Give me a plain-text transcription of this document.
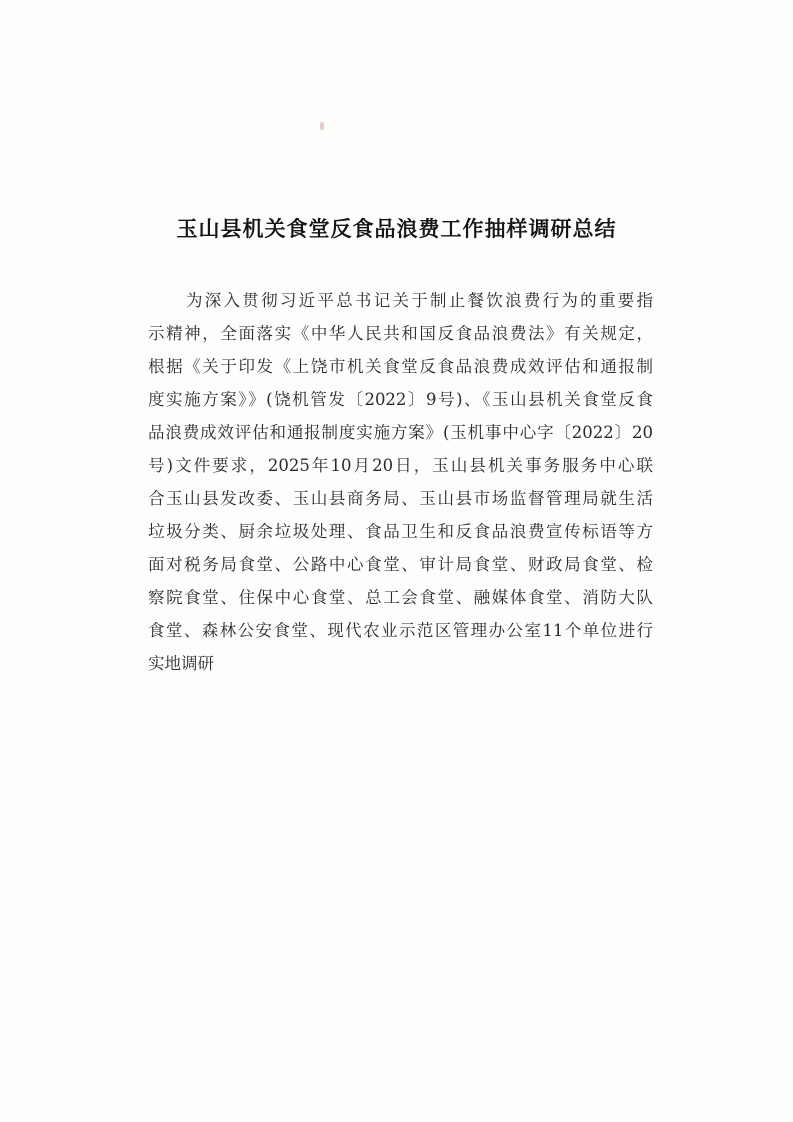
玉山县机关食堂反食品浪费工作抽样调研总结
为深入贯彻习近平总书记关于制止餐饮浪费行为的重要指
示精神，全面落实《中华人民共和国反食品浪费法》有关规定，
根据《关于印发《上饶市机关食堂反食品浪费成效评估和通报制
度实施方案》》(饶机管发〔2022〕9号)、《玉山县机关食堂反食
品浪费成效评估和通报制度实施方案》(玉机事中心字〔2022〕20
号)文件要求，2025年10月20日，玉山县机关事务服务中心联
合玉山县发改委、玉山县商务局、玉山县市场监督管理局就生活
垃圾分类、厨余垃圾处理、食品卫生和反食品浪费宣传标语等方
面对税务局食堂、公路中心食堂、审计局食堂、财政局食堂、检
察院食堂、住保中心食堂、总工会食堂、融媒体食堂、消防大队
食堂、森林公安食堂、现代农业示范区管理办公室11个单位进行
实地调研
